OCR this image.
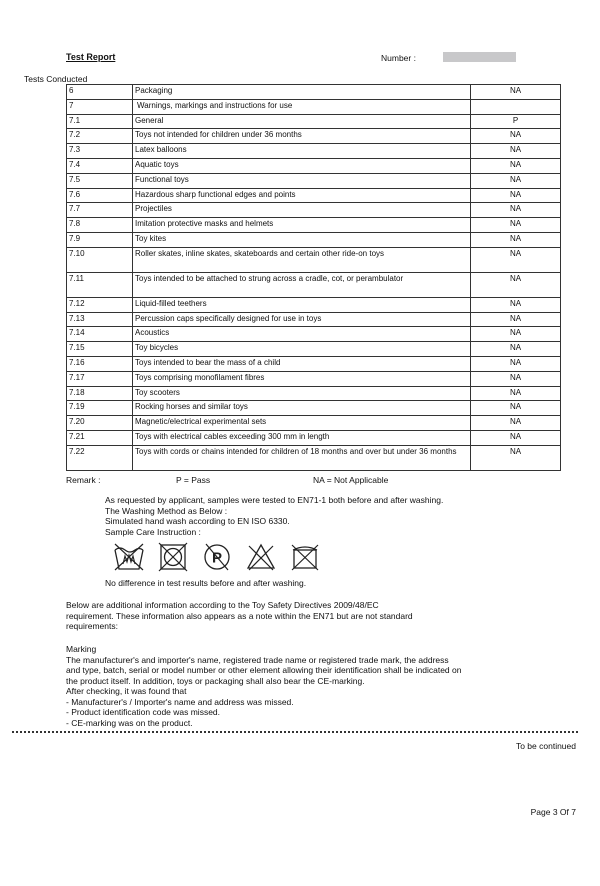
Test Report	Number :
Tests Conducted
6	Packaging	NA
7	Warnings, markings and instructions for use	
7.1	General	P
7.2	Toys not intended for children under 36 months	NA
7.3	Latex balloons	NA
7.4	Aquatic toys	NA
7.5	Functional toys	NA
7.6	Hazardous sharp functional edges and points	NA
7.7	Projectiles	NA
7.8	Imitation protective masks and helmets	NA
7.9	Toy kites	NA
7.10	Roller skates, inline skates, skateboards and certain other ride-on toys	NA
7.11	Toys intended to be attached to strung across a cradle, cot, or perambulator	NA
7.12	Liquid-filled teethers	NA
7.13	Percussion caps specifically designed for use in toys	NA
7.14	Acoustics	NA
7.15	Toy bicycles	NA
7.16	Toys intended to bear the mass of a child	NA
7.17	Toys comprising monofilament fibres	NA
7.18	Toy scooters	NA
7.19	Rocking horses and similar toys	NA
7.20	Magnetic/electrical experimental sets	NA
7.21	Toys with electrical cables exceeding 300 mm in length	NA
7.22	Toys with cords or chains intended for children of 18 months and over but under 36 months	NA
Remark :	P = Pass	NA = Not Applicable
As requested by applicant, samples were tested to EN71-1 both before and after washing.
The Washing Method as Below :
Simulated hand wash according to EN ISO 6330.
Sample Care Instruction :
P
No difference in test results before and after washing.
Below are additional information according to the Toy Safety Directives 2009/48/EC
requirement. These information also appears as a note within the EN71 but are not standard
requirements:
Marking
The manufacturer's and importer's name, registered trade name or registered trade mark, the address
and type, batch, serial or model number or other element allowing their identification shall be indicated on
the product itself. In addition, toys or packaging shall also bear the CE-marking.
After checking, it was found that
- Manufacturer's / Importer's name and address was missed.
- Product identification code was missed.
- CE-marking was on the product.
To be continued
Page 3 Of 7
